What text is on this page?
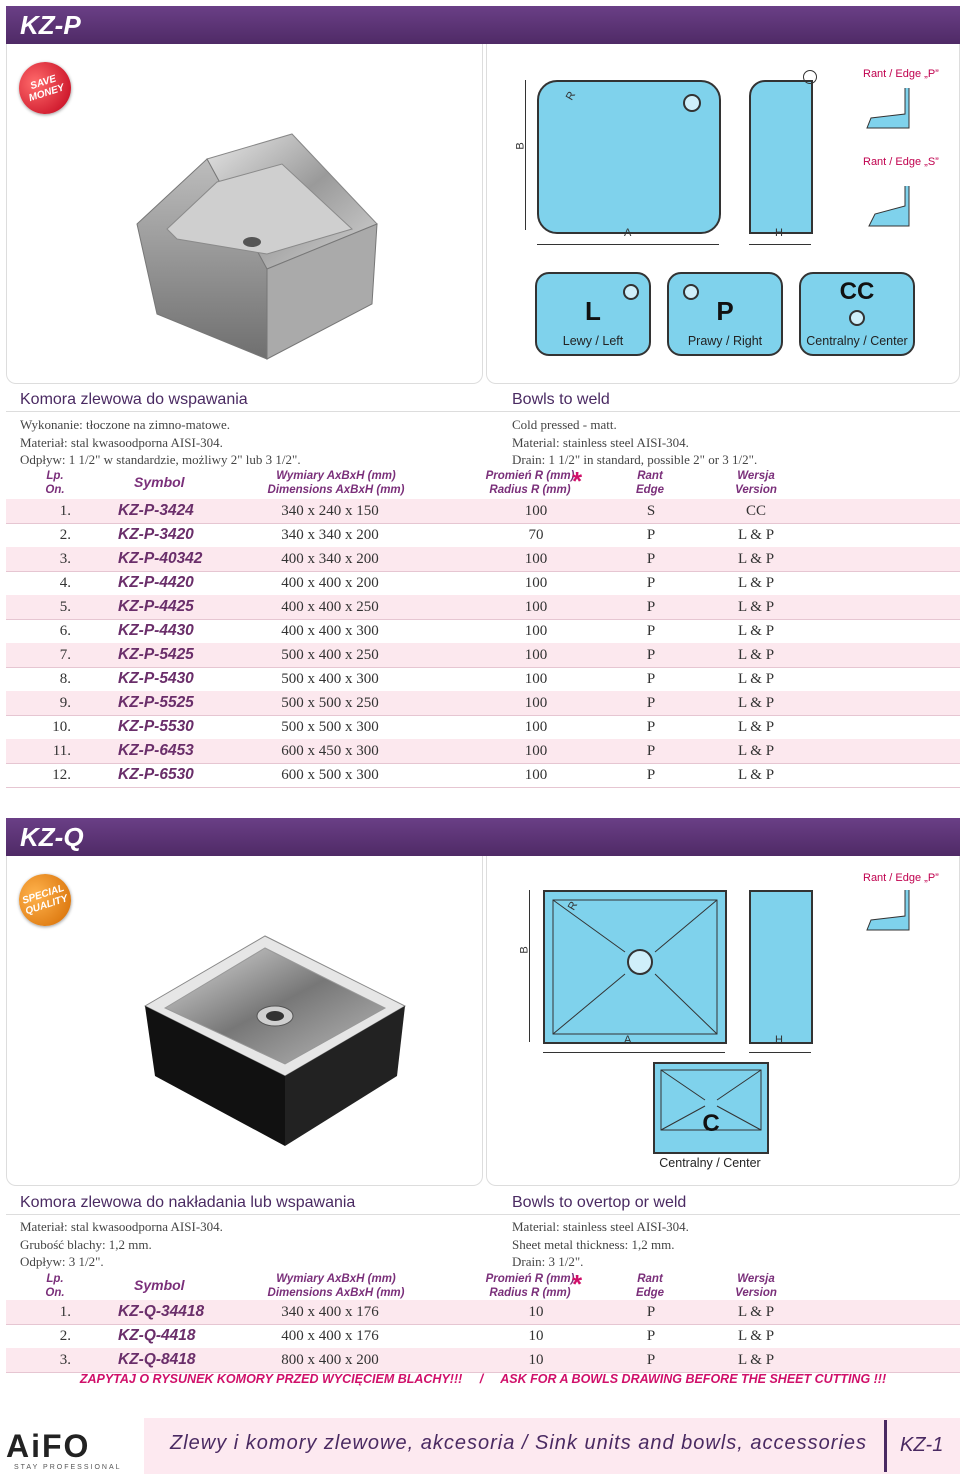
KZ-P
SAVE MONEY	R
B
A	H
Rant / Edge „P”
Rant / Edge „S”
L
Lewy / Left
P
Prawy / Right
CC
Centralny / Center
Komora zlewowa do wspawania	Bowls to weld
Wykonanie: tłoczone na zimno-matowe.
Materiał: stal kwasoodporna AISI-304.
Odpływ: 1 1/2" w standardzie, możliwy 2" lub 3 1/2".
Cold pressed - matt.
Material: stainless steel AISI-304.
Drain: 1 1/2" in standard, possible 2" or 3 1/2".
Lp.
On.	Symbol	Wymiary AxBxH (mm)
Dimensions AxBxH (mm)
Promień R (mm)
Radius R (mm) *	Rant
Edge
Wersja
Version
1.	KZ-P-3424	340 x 240 x 150	100	S	CC
2.	KZ-P-3420	340 x 340 x 200	70	P	L & P
3.	KZ-P-40342	400 x 340 x 200	100	P	L & P
4.	KZ-P-4420	400 x 400 x 200	100	P	L & P
5.	KZ-P-4425	400 x 400 x 250	100	P	L & P
6.	KZ-P-4430	400 x 400 x 300	100	P	L & P
7.	KZ-P-5425	500 x 400 x 250	100	P	L & P
8.	KZ-P-5430	500 x 400 x 300	100	P	L & P
9.	KZ-P-5525	500 x 500 x 250	100	P	L & P
10.	KZ-P-5530	500 x 500 x 300	100	P	L & P
11.	KZ-P-6453	600 x 450 x 300	100	P	L & P
12.	KZ-P-6530	600 x 500 x 300	100	P	L & P
KZ-Q
SPECIAL QUALITY	R
B
A	H
Rant / Edge „P”
C
Centralny / Center
Komora zlewowa do nakładania lub wspawania	Bowls to overtop or weld
Materiał: stal kwasoodporna AISI-304.
Grubość blachy: 1,2 mm.
Odpływ: 3 1/2".
Material: stainless steel AISI-304.
Sheet metal thickness: 1,2 mm.
Drain: 3 1/2".
Lp.
On.	Symbol	Wymiary AxBxH (mm)
Dimensions AxBxH (mm)
Promień R (mm)
Radius R (mm) *	Rant
Edge
Wersja
Version
1.	KZ-Q-34418	340 x 400 x 176	10	P	L & P
2.	KZ-Q-4418	400 x 400 x 176	10	P	L & P
3.	KZ-Q-8418	800 x 400 x 200	10	P	L & P
ZAPYTAJ O RYSUNEK KOMORY PRZED WYCIĘCIEM BLACHY!!! / ASK FOR A BOWLS DRAWING BEFORE THE SHEET CUTTING !!!
AiFO
STAY PROFESSIONAL
Zlewy i komory zlewowe, akcesoria / Sink units and bowls, accessories KZ-1
